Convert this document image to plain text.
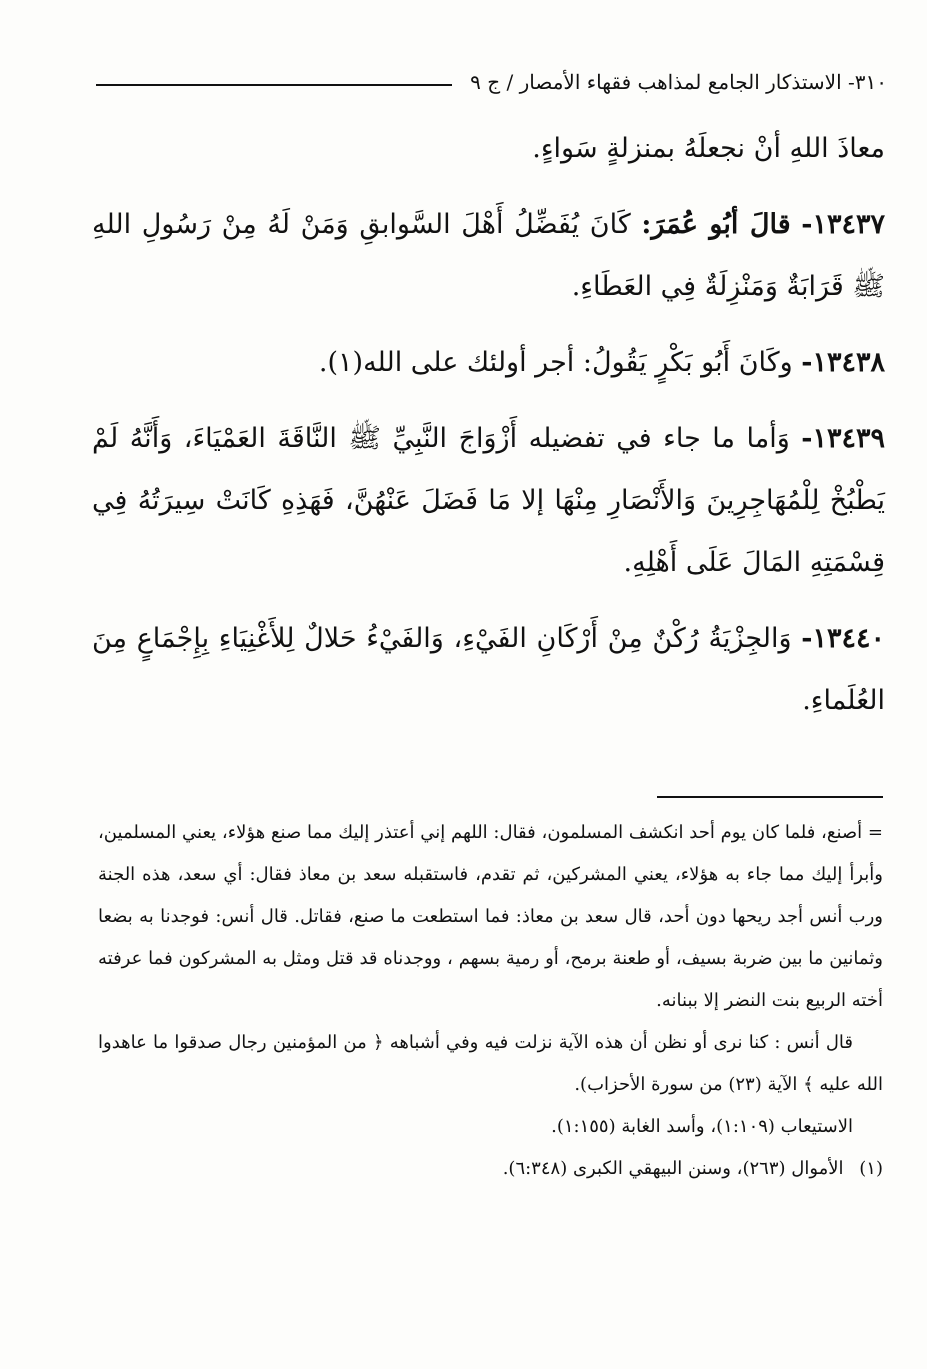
٣١٠- الاستذكار الجامع لمذاهب فقهاء الأمصار / ج ٩

معاذَ اللهِ أنْ نجعلَهُ بمنزلةٍ سَواءٍ.

١٣٤٣٧- قالَ أبُو عُمَرَ: كَانَ يُفَضِّلُ أَهْلَ السَّوابقِ وَمَنْ لَهُ مِنْ رَسُولِ اللهِ ﷺ قَرَابَةٌ وَمَنْزِلَةٌ فِي العَطَاءِ.

١٣٤٣٨- وكَانَ أَبُو بَكْرٍ يَقُولُ: أجر أولئك على الله(١).

١٣٤٣٩- وَأما ما جاء في تفضيله أَزْوَاجَ النَّبِيِّ ﷺ النَّاقَةَ العَمْيَاءَ، وَأَنَّهُ لَمْ يَطْبُخْ لِلْمُهَاجِرِينَ وَالأَنْصَارِ مِنْهَا إلا مَا فَضَلَ عَنْهُنَّ، فَهَذِهِ كَانَتْ سِيرَتُهُ فِي قِسْمَتِهِ المَالَ عَلَى أَهْلِهِ.

١٣٤٤٠- وَالجِزْيَةُ رُكْنٌ مِنْ أَرْكَانِ الفَيْءِ، وَالفَيْءُ حَلالٌ لِلأَغْنِيَاءِ بِإِجْمَاعٍ مِنَ العُلَماءِ.

= أصنع، فلما كان يوم أحد انكشف المسلمون، فقال: اللهم إني أعتذر إليك مما صنع هؤلاء، يعني المسلمين، وأبرأ إليك مما جاء به هؤلاء، يعني المشركين، ثم تقدم، فاستقبله سعد بن معاذ فقال: أي سعد، هذه الجنة ورب أنس أجد ريحها دون أحد، قال سعد بن معاذ: فما استطعت ما صنع، فقاتل. قال أنس: فوجدنا به بضعا وثمانين ما بين ضربة بسيف، أو طعنة برمح، أو رمية بسهم ، ووجدناه قد قتل ومثل به المشركون فما عرفته أخته الربيع بنت النضر إلا ببنانه.

قال أنس : كنا نرى أو نظن أن هذه الآية نزلت فيه وفي أشباهه ﴿ من المؤمنين رجال صدقوا ما عاهدوا الله عليه ﴾ الآية (٢٣) من سورة الأحزاب).

الاستيعاب (١:١٠٩)، وأسد الغابة (١:١٥٥).

(١) الأموال (٢٦٣)، وسنن البيهقي الكبرى (٦:٣٤٨).
